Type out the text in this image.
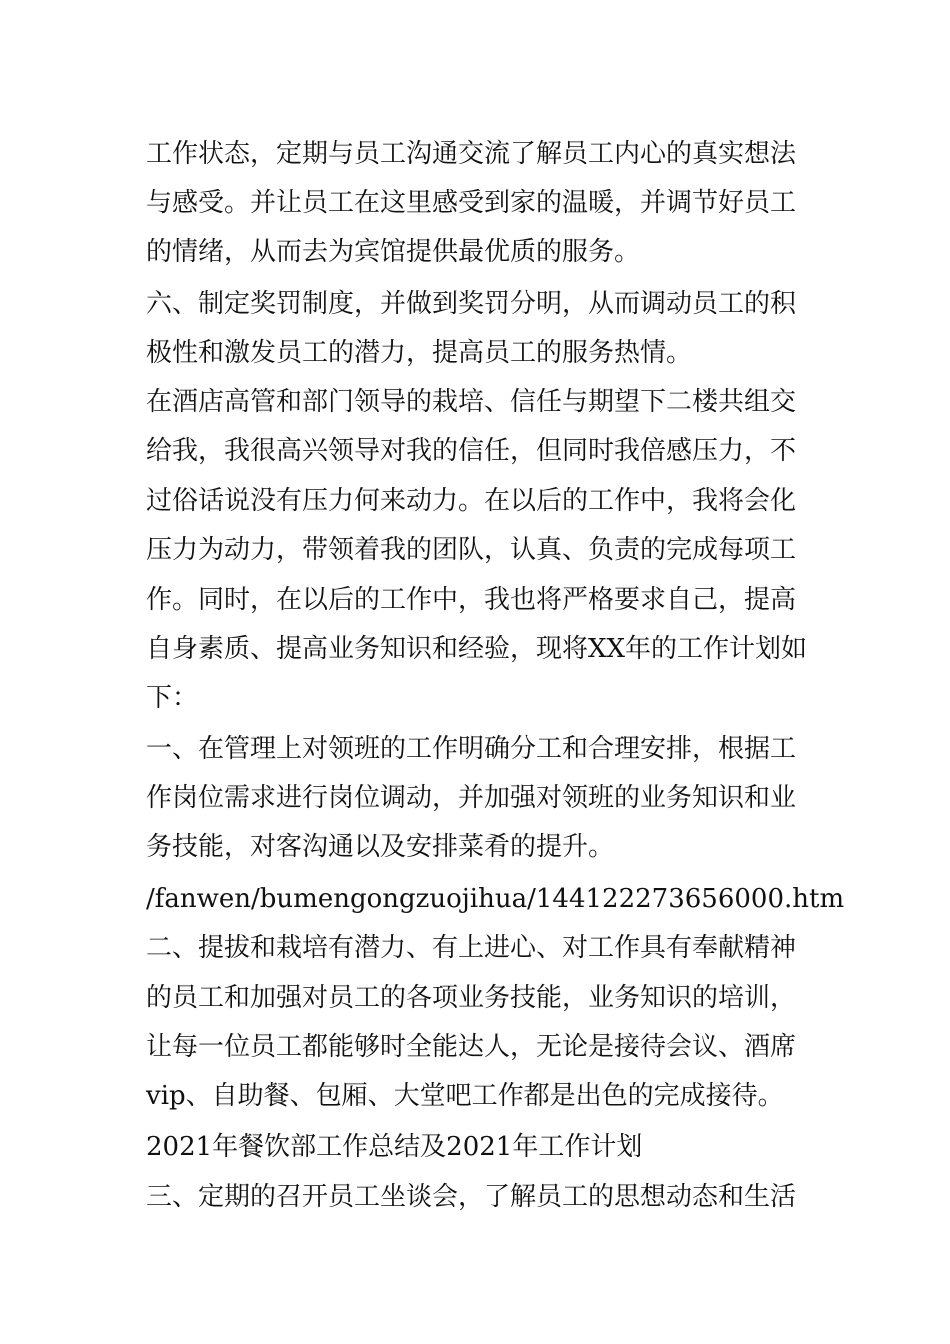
工作状态，定期与员工沟通交流了解员工内心的真实想法
与感受。并让员工在这里感受到家的温暖，并调节好员工
的情绪，从而去为宾馆提供最优质的服务。
六、制定奖罚制度，并做到奖罚分明，从而调动员工的积
极性和激发员工的潜力，提高员工的服务热情。
在酒店高管和部门领导的栽培、信任与期望下二楼共组交
给我，我很高兴领导对我的信任，但同时我倍感压力，不
过俗话说没有压力何来动力。在以后的工作中，我将会化
压力为动力，带领着我的团队，认真、负责的完成每项工
作。同时，在以后的工作中，我也将严格要求自己，提高
自身素质、提高业务知识和经验，现将XX年的工作计划如
下：
一、在管理上对领班的工作明确分工和合理安排，根据工
作岗位需求进行岗位调动，并加强对领班的业务知识和业
务技能，对客沟通以及安排菜肴的提升。
/fanwen/bumengongzuojihua/144122273656000.htm
二、提拔和栽培有潜力、有上进心、对工作具有奉献精神
的员工和加强对员工的各项业务技能，业务知识的培训，
让每一位员工都能够时全能达人，无论是接待会议、酒席
vip、自助餐、包厢、大堂吧工作都是出色的完成接待。
2021年餐饮部工作总结及2021年工作计划
三、定期的召开员工坐谈会，了解员工的思想动态和生活
